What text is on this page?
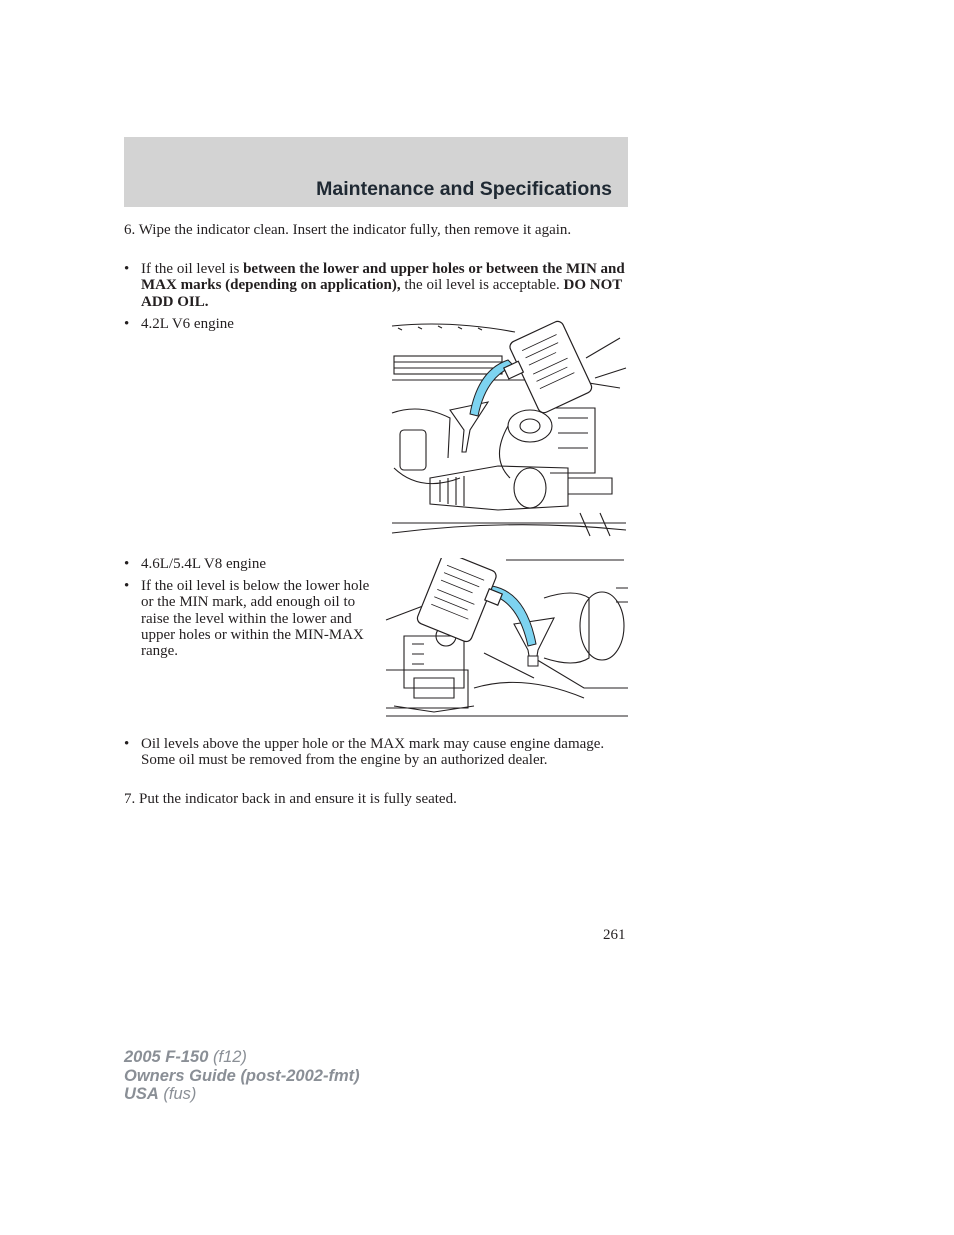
Maintenance and Specifications
6. Wipe the indicator clean. Insert the indicator fully, then remove it again.
• If the oil level is between the lower and upper holes or between the MIN and MAX marks (depending on application), the oil level is acceptable. DO NOT ADD OIL.
• 4.2L V6 engine
• 4.6L/5.4L V8 engine
• If the oil level is below the lower hole or the MIN mark, add enough oil to raise the level within the lower and upper holes or within the MIN-MAX range.
• Oil levels above the upper hole or the MAX mark may cause engine damage. Some oil must be removed from the engine by an authorized dealer.
7. Put the indicator back in and ensure it is fully seated.
261
2005 F-150 (f12)
Owners Guide (post-2002-fmt)
USA (fus)
